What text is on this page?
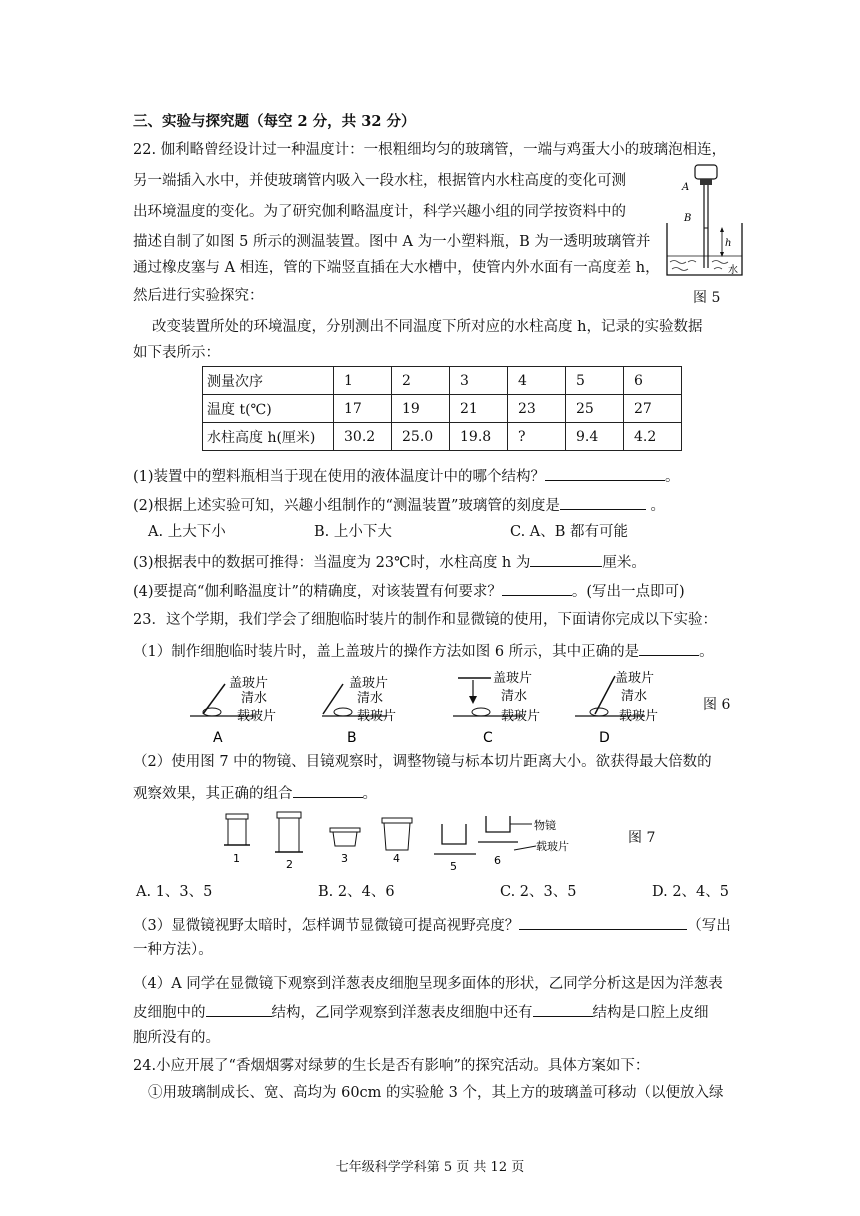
三、实验与探究题（每空 2 分，共 32 分）
22. 伽利略曾经设计过一种温度计：一根粗细均匀的玻璃管，一端与鸡蛋大小的玻璃泡相连，
另一端插入水中，并使玻璃管内吸入一段水柱，根据管内水柱高度的变化可测
出环境温度的变化。为了研究伽利略温度计，科学兴趣小组的同学按资料中的
描述自制了如图 5 所示的测温装置。图中 A 为一小塑料瓶，B 为一透明玻璃管并
通过橡皮塞与 A 相连，管的下端竖直插在大水槽中，使管内外水面有一高度差 h，
然后进行实验探究：
h
A
B
水
图 5
改变装置所处的环境温度，分别测出不同温度下所对应的水柱高度 h，记录的实验数据
如下表所示：
测量次序	1	2	3	4	5	6
温度 t(℃)	17	19	21	23	25	27
水柱高度 h(厘米)	30.2	25.0	19.8	?	9.4	4.2
(1)装置中的塑料瓶相当于现在使用的液体温度计中的哪个结构？	。
(2)根据上述实验可知，兴趣小组制作的“测温装置”玻璃管的刻度是	。
A. 上大下小	B. 上小下大	C. A、B 都有可能
(3)根据表中的数据可推得：当温度为 23℃时，水柱高度 h 为	厘米。
(4)要提高“伽利略温度计”的精确度，对该装置有何要求？	。(写出一点即可)
23．这个学期，我们学会了细胞临时装片的制作和显微镜的使用，下面请你完成以下实验：
（1）制作细胞临时装片时，盖上盖玻片的操作方法如图 6 所示，其中正确的是	。
盖玻片
清水
载玻片
A
盖玻片
清水
载玻片
B
盖玻片
清水
载玻片
C
盖玻片
清水
载玻片
D
图 6
（2）使用图 7 中的物镜、目镜观察时，调整物镜与标本切片距离大小。欲获得最大倍数的
观察效果，其正确的组合	。
1	2	3	4
5
物镜
载玻片
6
图 7
A. 1、3、5	B. 2、4、6	C. 2、3、5	D. 2、4、5
（3）显微镜视野太暗时，怎样调节显微镜可提高视野亮度？	（写出
一种方法）。
（4）A 同学在显微镜下观察到洋葱表皮细胞呈现多面体的形状，乙同学分析这是因为洋葱表
皮细胞中的	结构，乙同学观察到洋葱表皮细胞中还有	结构是口腔上皮细
胞所没有的。
24.小应开展了“香烟烟雾对绿萝的生长是否有影响”的探究活动。具体方案如下：
①用玻璃制成长、宽、高均为 60cm 的实验舱 3 个，其上方的玻璃盖可移动（以便放入绿
七年级科学学科第 5 页 共 12 页
